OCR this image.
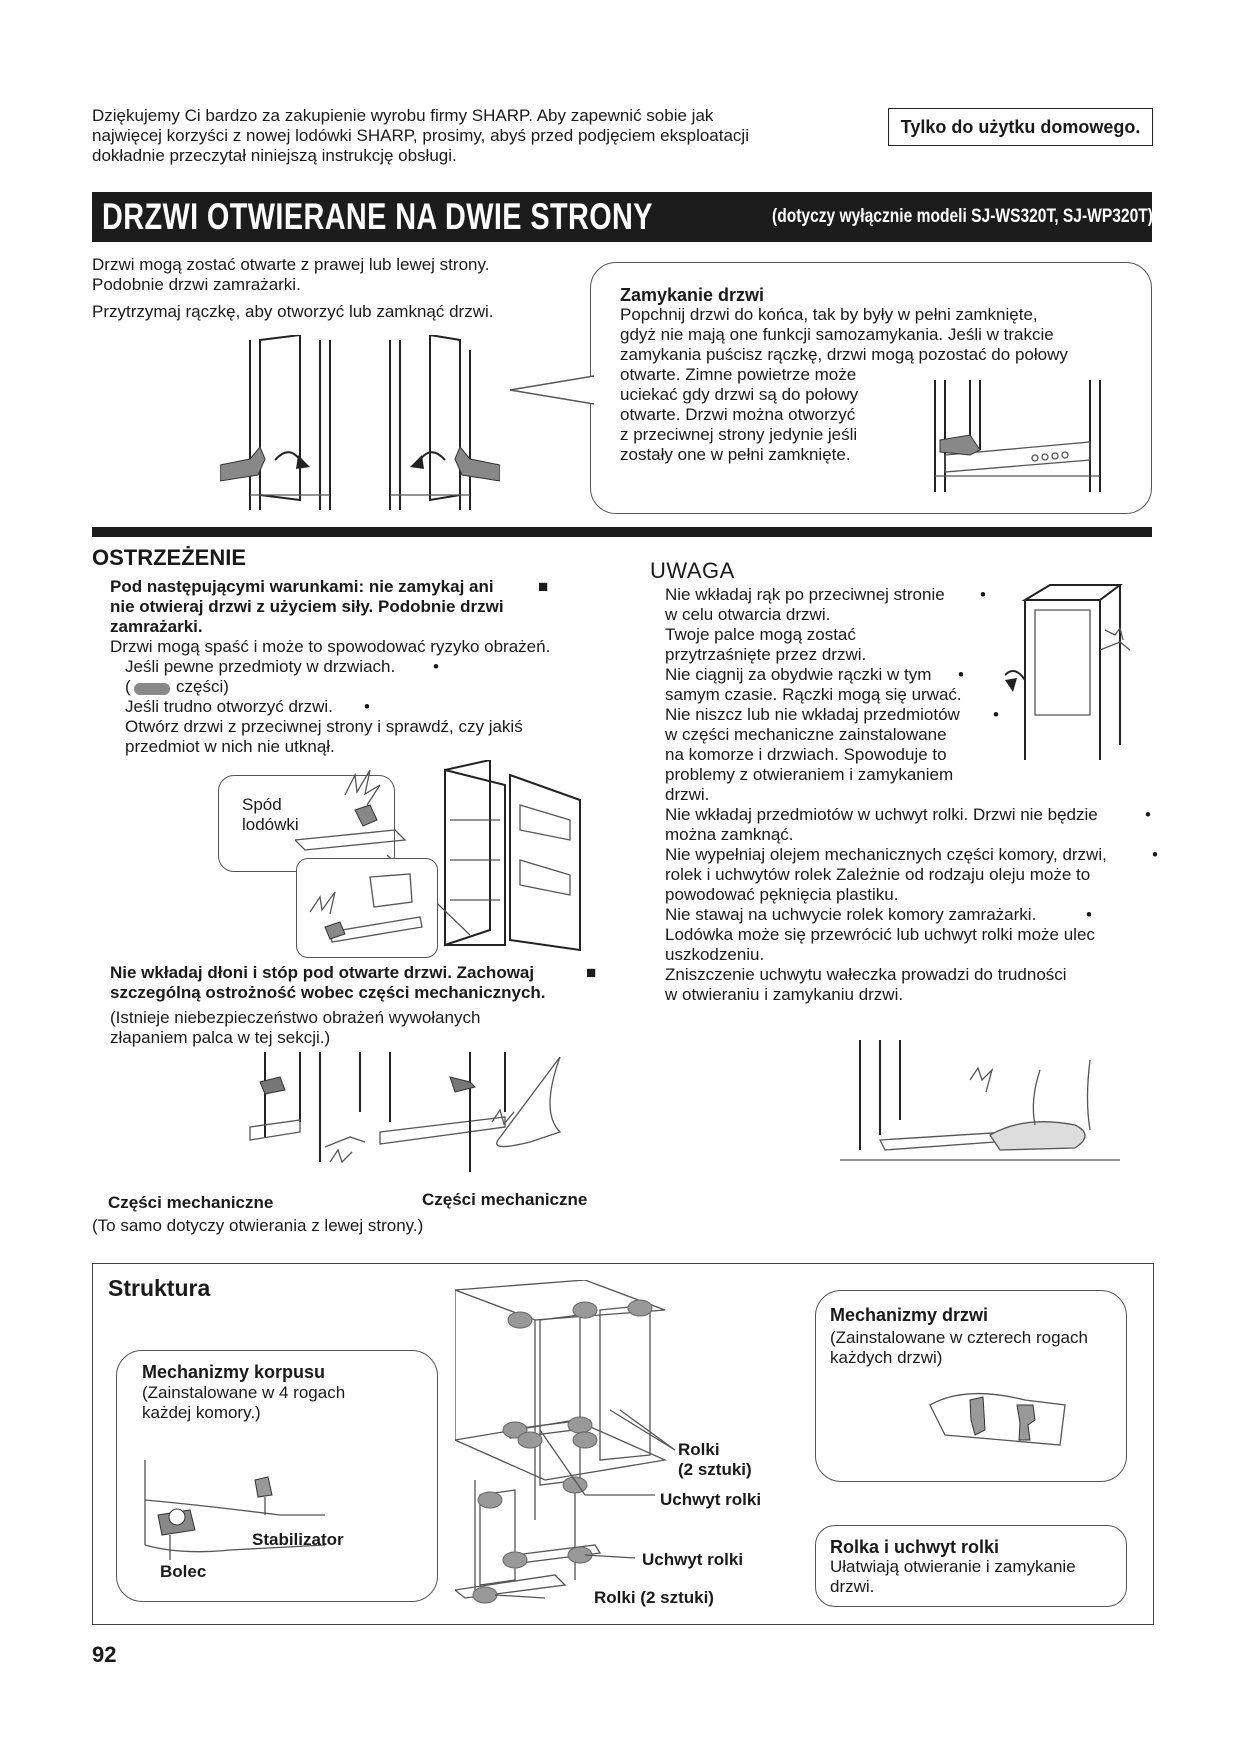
Dziękujemy Ci bardzo za zakupienie wyrobu firmy SHARP. Aby zapewnić sobie jak
najwięcej korzyści z nowej lodówki SHARP, prosimy, abyś przed podjęciem eksploatacji
dokładnie przeczytał niniejszą instrukcję obsługi.
Tylko do użytku domowego.
DRZWI OTWIERANE NA DWIE STRONY	(dotyczy wyłącznie modeli SJ-WS320T, SJ-WP320T)
Drzwi mogą zostać otwarte z prawej lub lewej strony.
Podobnie drzwi zamrażarki.
Przytrzymaj rączkę, aby otworzyć lub zamknąć drzwi.
Zamykanie drzwi
Popchnij drzwi do końca, tak by były w pełni zamknięte,
gdyż nie mają one funkcji samozamykania. Jeśli w trakcie
zamykania puścisz rączkę, drzwi mogą pozostać do połowy
otwarte. Zimne powietrze może
uciekać gdy drzwi są do połowy
otwarte. Drzwi można otworzyć
z przeciwnej strony jedynie jeśli
zostały one w pełni zamknięte.
OSTRZEŻENIE
Pod następującymi warunkami: nie zamykaj ani
nie otwieraj drzwi z użyciem siły. Podobnie drzwi
zamrażarki.
■
Drzwi mogą spaść i może to spowodować ryzyko obrażeń.
Jeśli pewne przedmioty w drzwiach. •
(	części)
Jeśli trudno otworzyć drzwi. •
Otwórz drzwi z przeciwnej strony i sprawdź, czy jakiś
przedmiot w nich nie utknął.
Spód
lodówki
Nie wkładaj dłoni i stóp pod otwarte drzwi. Zachowaj
szczególną ostrożność wobec części mechanicznych.
■
(Istnieje niebezpieczeństwo obrażeń wywołanych
złapaniem palca w tej sekcji.)
Części mechaniczne	Części mechaniczne
(To samo dotyczy otwierania z lewej strony.)
UWAGA
Nie wkładaj rąk po przeciwnej stronie
w celu otwarcia drzwi.
Twoje palce mogą zostać
przytrzaśnięte przez drzwi.
•
Nie ciągnij za obydwie rączki w tym
samym czasie. Rączki mogą się urwać.
•
Nie niszcz lub nie wkładaj przedmiotów
w części mechaniczne zainstalowane
na komorze i drzwiach. Spowoduje to
problemy z otwieraniem i zamykaniem
drzwi.
•
Nie wkładaj przedmiotów w uchwyt rolki. Drzwi nie będzie
można zamknąć.
•
Nie wypełniaj olejem mechanicznych części komory, drzwi,
rolek i uchwytów rolek Zależnie od rodzaju oleju może to
powodować pęknięcia plastiku.
•
Nie stawaj na uchwycie rolek komory zamrażarki.
Lodówka może się przewrócić lub uchwyt rolki może ulec
uszkodzeniu.
•
Zniszczenie uchwytu wałeczka prowadzi do trudności
w otwieraniu i zamykaniu drzwi.
Struktura
Mechanizmy korpusu
(Zainstalowane w 4 rogach
każdej komory.)
Stabilizator
Bolec
Rolki
(2 sztuki)
Uchwyt rolki
Uchwyt rolki
Rolki (2 sztuki)
Mechanizmy drzwi
(Zainstalowane w czterech rogach
każdych drzwi)
Rolka i uchwyt rolki
Ułatwiają otwieranie i zamykanie
drzwi.
92
